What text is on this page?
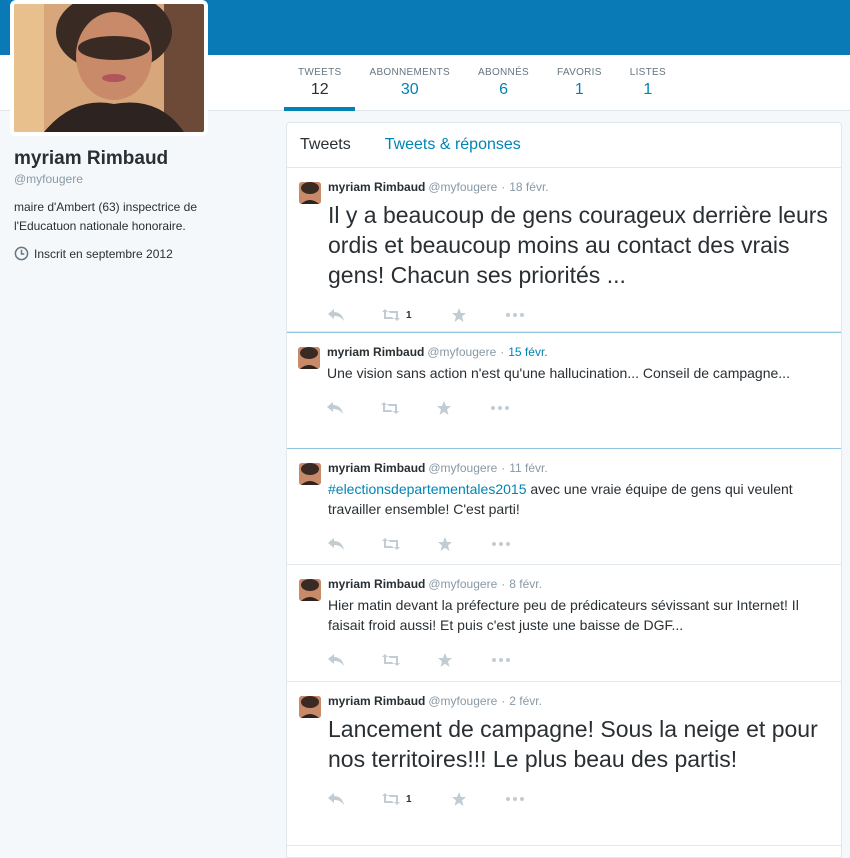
TWEETS
12
ABONNEMENTS
30
ABONNÉS
6
FAVORIS
1
LISTES
1
myriam Rimbaud
@myfougere

maire d'Ambert (63) inspectrice de l'Educatuon nationale honoraire.

Inscrit en septembre 2012
Tweets Tweets & réponses
myriam Rimbaud @myfougere · 18 févr.

Il y a beaucoup de gens courageux derrière leurs ordis et beaucoup moins au contact des vrais gens! Chacun ses priorités ...

1
myriam Rimbaud @myfougere · 15 févr.

Une vision sans action n'est qu'une hallucination... Conseil de campagne...

myriam Rimbaud @myfougere · 11 févr.

#electionsdepartementales2015 avec une vraie équipe de gens qui veulent travailler ensemble! C'est parti!

myriam Rimbaud @myfougere · 8 févr.

Hier matin devant la préfecture peu de prédicateurs sévissant sur Internet! Il faisait froid aussi! Et puis c'est juste une baisse de DGF...

myriam Rimbaud @myfougere · 2 févr.

Lancement de campagne! Sous la neige et pour nos territoires!!! Le plus beau des partis!

1
